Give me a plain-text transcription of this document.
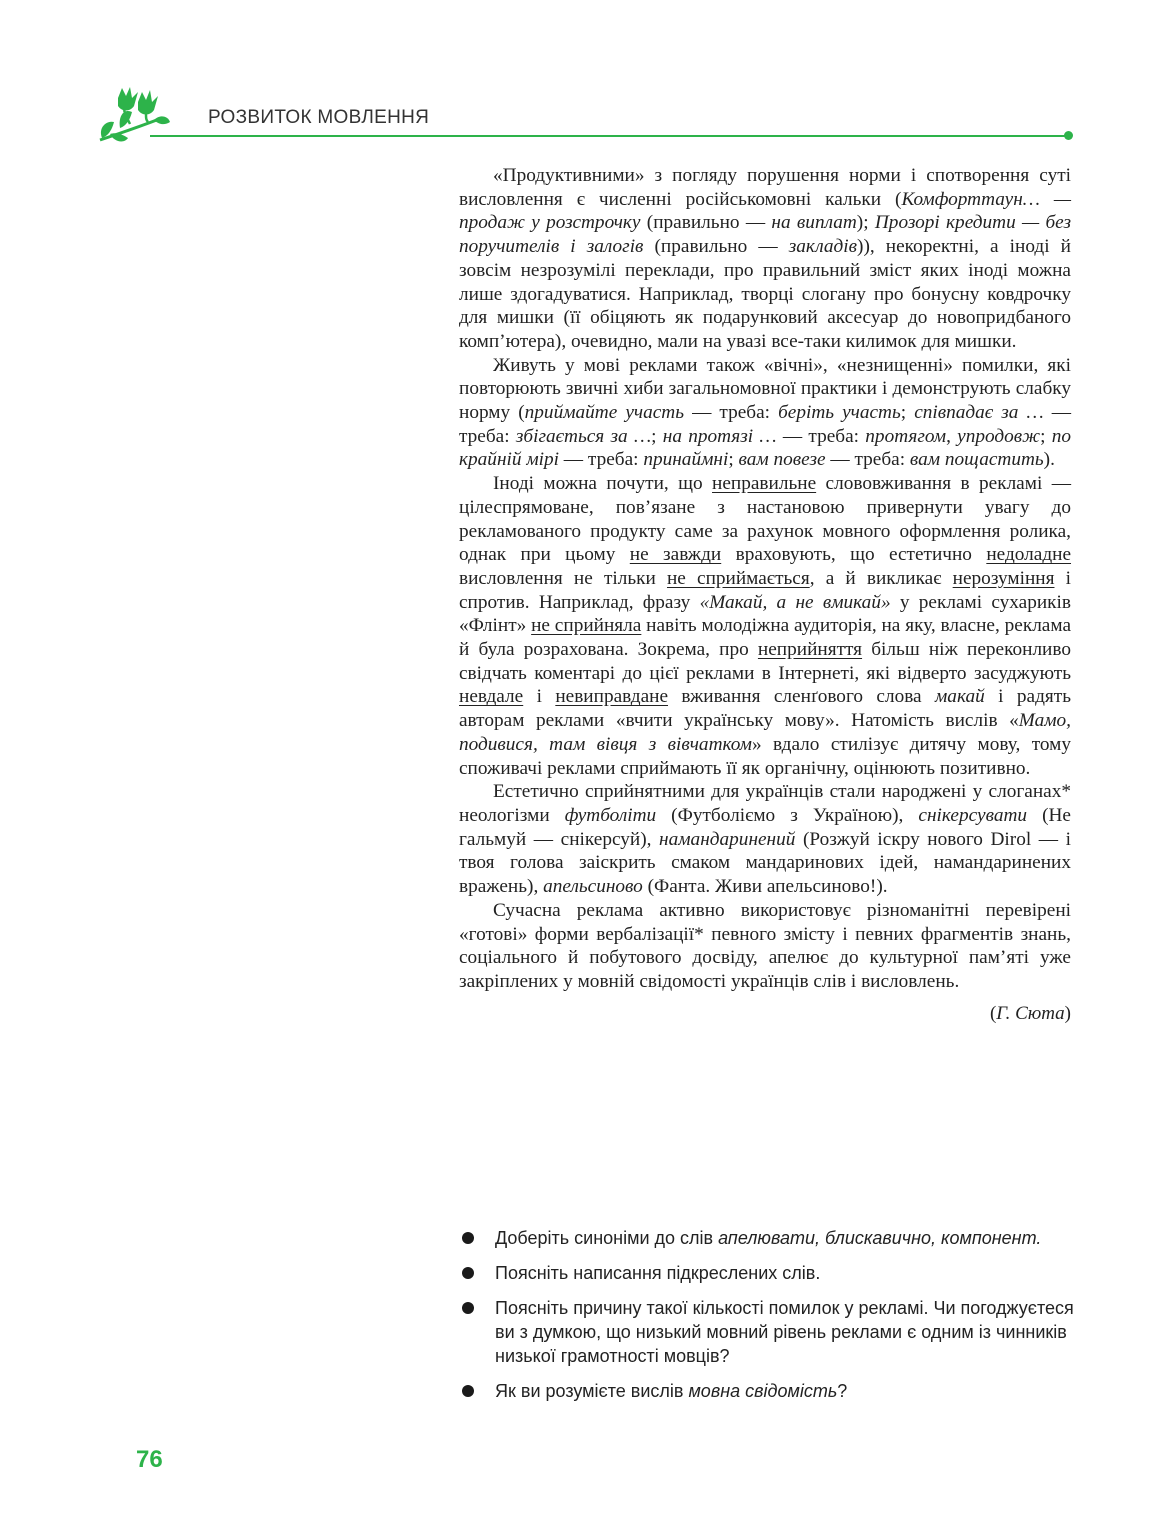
РОЗВИТОК МОВЛЕННЯ

«Продуктивними» з погляду порушення норми і спотворення суті висловлення є численні російськомовні кальки (Комфорттаун… — продаж у розстрочку (правильно — на виплат); Прозорі кредити — без поручителів і залогів (правильно — закладів)), некоректні, а іноді й зовсім незрозумілі переклади, про правильний зміст яких іноді можна лише здогадуватися. Наприклад, творці слогану про бонусну ковдрочку для мишки (її обіцяють як подарунковий аксесуар до новопридбаного комп’ютера), очевидно, мали на увазі все-таки килимок для мишки.

Живуть у мові реклами також «вічні», «незнищенні» помилки, які повторюють звичні хиби загальномовної практики і демонструють слабку норму (приймайте участь — треба: беріть участь; співпадає за … — треба: збігається за …; на протязі … — треба: протягом, упродовж; по крайній мірі — треба: принаймні; вам повезе — треба: вам пощастить).

Іноді можна почути, що неправильне слововживання в рекламі — цілеспрямоване, пов’язане з настановою привернути увагу до рекламованого продукту саме за рахунок мовного оформлення ролика, однак при цьому не завжди враховують, що естетично недоладне висловлення не тільки не сприймається, а й викликає нерозуміння і спротив. Наприклад, фразу «Макай, а не вмикай» у рекламі сухариків «Флінт» не сприйняла навіть молодіжна аудиторія, на яку, власне, реклама й була розрахована. Зокрема, про неприйняття більш ніж переконливо свідчать коментарі до цієї реклами в Інтернеті, які відверто засуджують невдале і невиправдане вживання сленґового слова макай і радять авторам реклами «вчити українську мову». Натомість вислів «Мамо, подивися, там вівця з вівчатком» вдало стилізує дитячу мову, тому споживачі реклами сприймають її як органічну, оцінюють позитивно.

Естетично сприйнятними для українців стали народжені у слоганах* неологізми футболіти (Футболіємо з Україною), снікерсувати (Не гальмуй — снікерсуй), намандаринений (Розжуй іскру нового Dirol — і твоя голова заіскрить смаком мандаринових ідей, намандаринених вражень), апельсиново (Фанта. Живи апельсиново!).

Сучасна реклама активно використовує різноманітні перевірені «готові» форми вербалізації* певного змісту і певних фрагментів знань, соціального й побутового досвіду, апелює до культурної пам’яті уже закріплених у мовній свідомості українців слів і висловлень.

(Г. Сюта)
Доберіть синоніми до слів апелювати, блискавично, компонент.
Поясніть написання підкреслених слів.
Поясніть причину такої кількості помилок у рекламі. Чи погоджуєтеся ви з думкою, що низький мовний рівень реклами є одним із чинників низької грамотності мовців?
Як ви розумієте вислів мовна свідомість?
76
